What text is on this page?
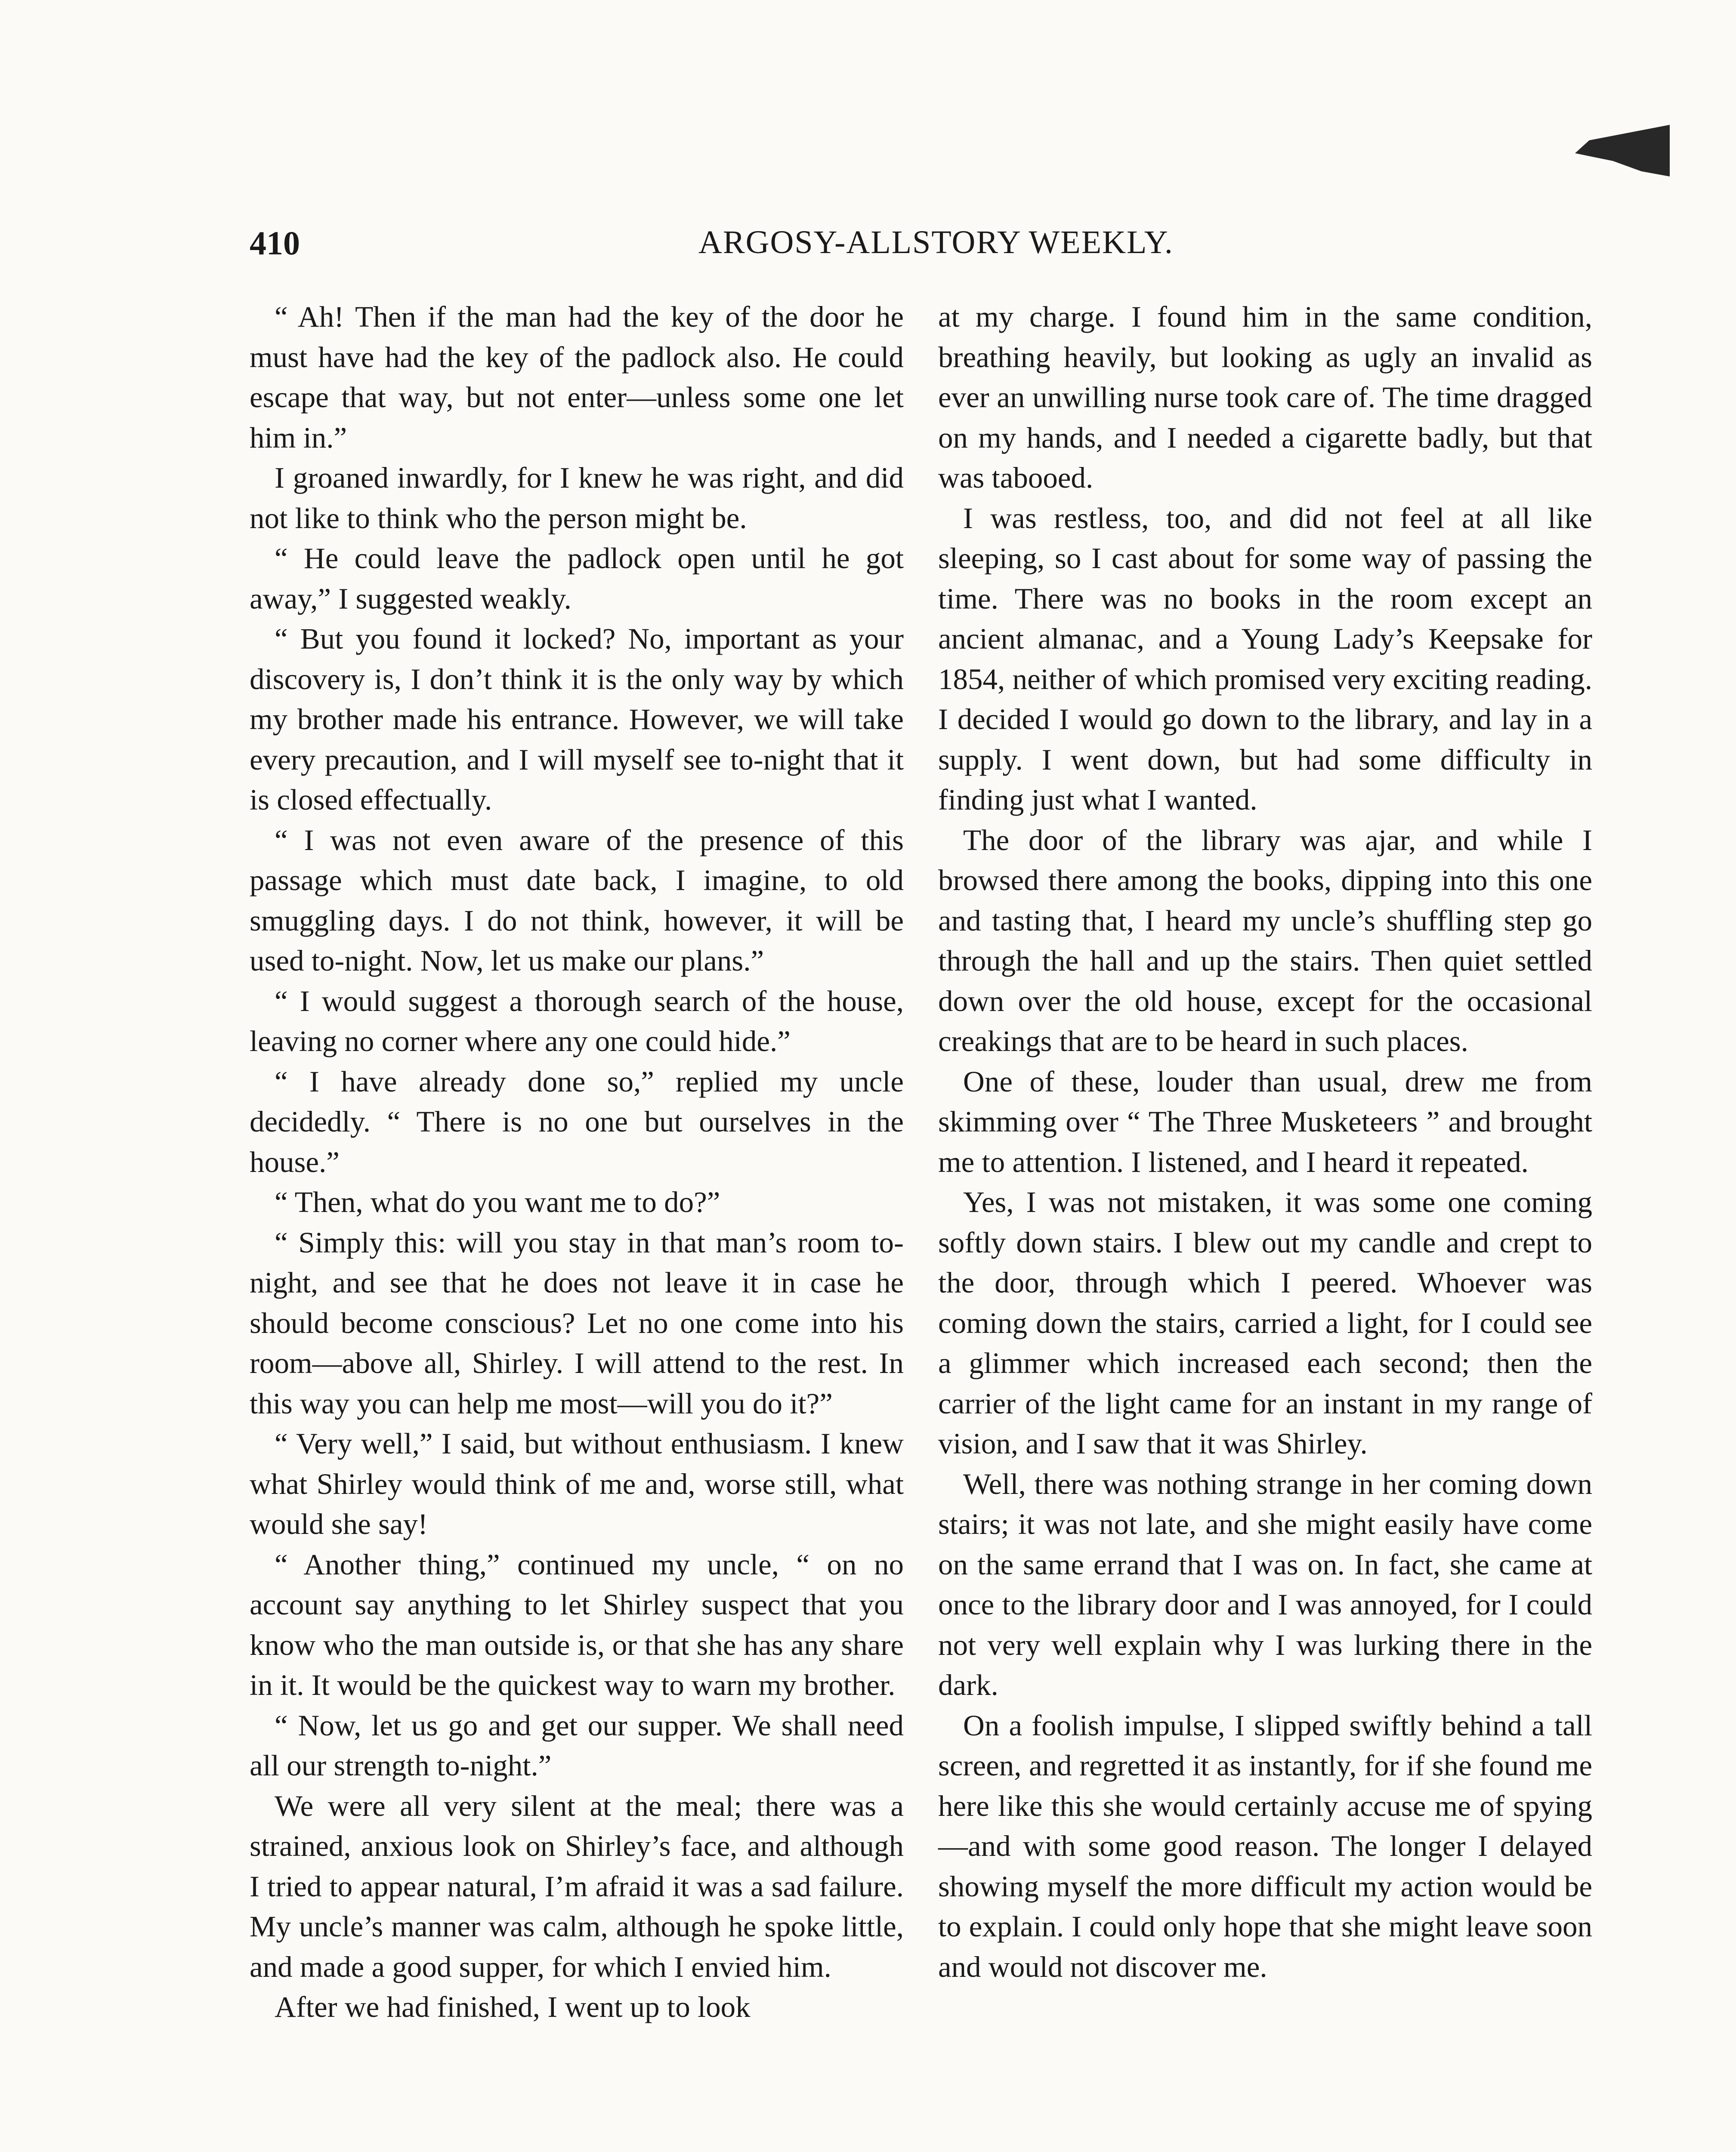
410	ARGOSY-ALLSTORY WEEKLY.

“ Ah! Then if the man had the key of the door he must have had the key of the padlock also. He could escape that way, but not enter—unless some one let him in.”

I groaned inwardly, for I knew he was right, and did not like to think who the person might be.

“ He could leave the padlock open until he got away,” I suggested weakly.

“ But you found it locked? No, important as your discovery is, I don’t think it is the only way by which my brother made his entrance. However, we will take every precaution, and I will myself see to-night that it is closed effectually.

“ I was not even aware of the presence of this passage which must date back, I imagine, to old smuggling days. I do not think, however, it will be used to-night. Now, let us make our plans.”

“ I would suggest a thorough search of the house, leaving no corner where any one could hide.”

“ I have already done so,” replied my uncle decidedly. “ There is no one but ourselves in the house.”

“ Then, what do you want me to do?”

“ Simply this: will you stay in that man’s room to-night, and see that he does not leave it in case he should become conscious? Let no one come into his room—above all, Shirley. I will attend to the rest. In this way you can help me most—will you do it?”

“ Very well,” I said, but without enthusiasm. I knew what Shirley would think of me and, worse still, what would she say!

“ Another thing,” continued my uncle, “ on no account say anything to let Shirley suspect that you know who the man outside is, or that she has any share in it. It would be the quickest way to warn my brother.

“ Now, let us go and get our supper. We shall need all our strength to-night.”

We were all very silent at the meal; there was a strained, anxious look on Shirley’s face, and although I tried to appear natural, I’m afraid it was a sad failure. My uncle’s manner was calm, although he spoke little, and made a good supper, for which I envied him.

After we had finished, I went up to look

at my charge. I found him in the same condition, breathing heavily, but looking as ugly an invalid as ever an unwilling nurse took care of. The time dragged on my hands, and I needed a cigarette badly, but that was tabooed.

I was restless, too, and did not feel at all like sleeping, so I cast about for some way of passing the time. There was no books in the room except an ancient almanac, and a Young Lady’s Keepsake for 1854, neither of which promised very exciting reading. I decided I would go down to the library, and lay in a supply. I went down, but had some difficulty in finding just what I wanted.

The door of the library was ajar, and while I browsed there among the books, dipping into this one and tasting that, I heard my uncle’s shuffling step go through the hall and up the stairs. Then quiet settled down over the old house, except for the occasional creakings that are to be heard in such places.

One of these, louder than usual, drew me from skimming over “ The Three Musketeers ” and brought me to attention. I listened, and I heard it repeated.

Yes, I was not mistaken, it was some one coming softly down stairs. I blew out my candle and crept to the door, through which I peered. Whoever was coming down the stairs, carried a light, for I could see a glimmer which increased each second; then the carrier of the light came for an instant in my range of vision, and I saw that it was Shirley.

Well, there was nothing strange in her coming down stairs; it was not late, and she might easily have come on the same errand that I was on. In fact, she came at once to the library door and I was annoyed, for I could not very well explain why I was lurking there in the dark.

On a foolish impulse, I slipped swiftly behind a tall screen, and regretted it as instantly, for if she found me here like this she would certainly accuse me of spying—and with some good reason. The longer I delayed showing myself the more difficult my action would be to explain. I could only hope that she might leave soon and would not discover me.
